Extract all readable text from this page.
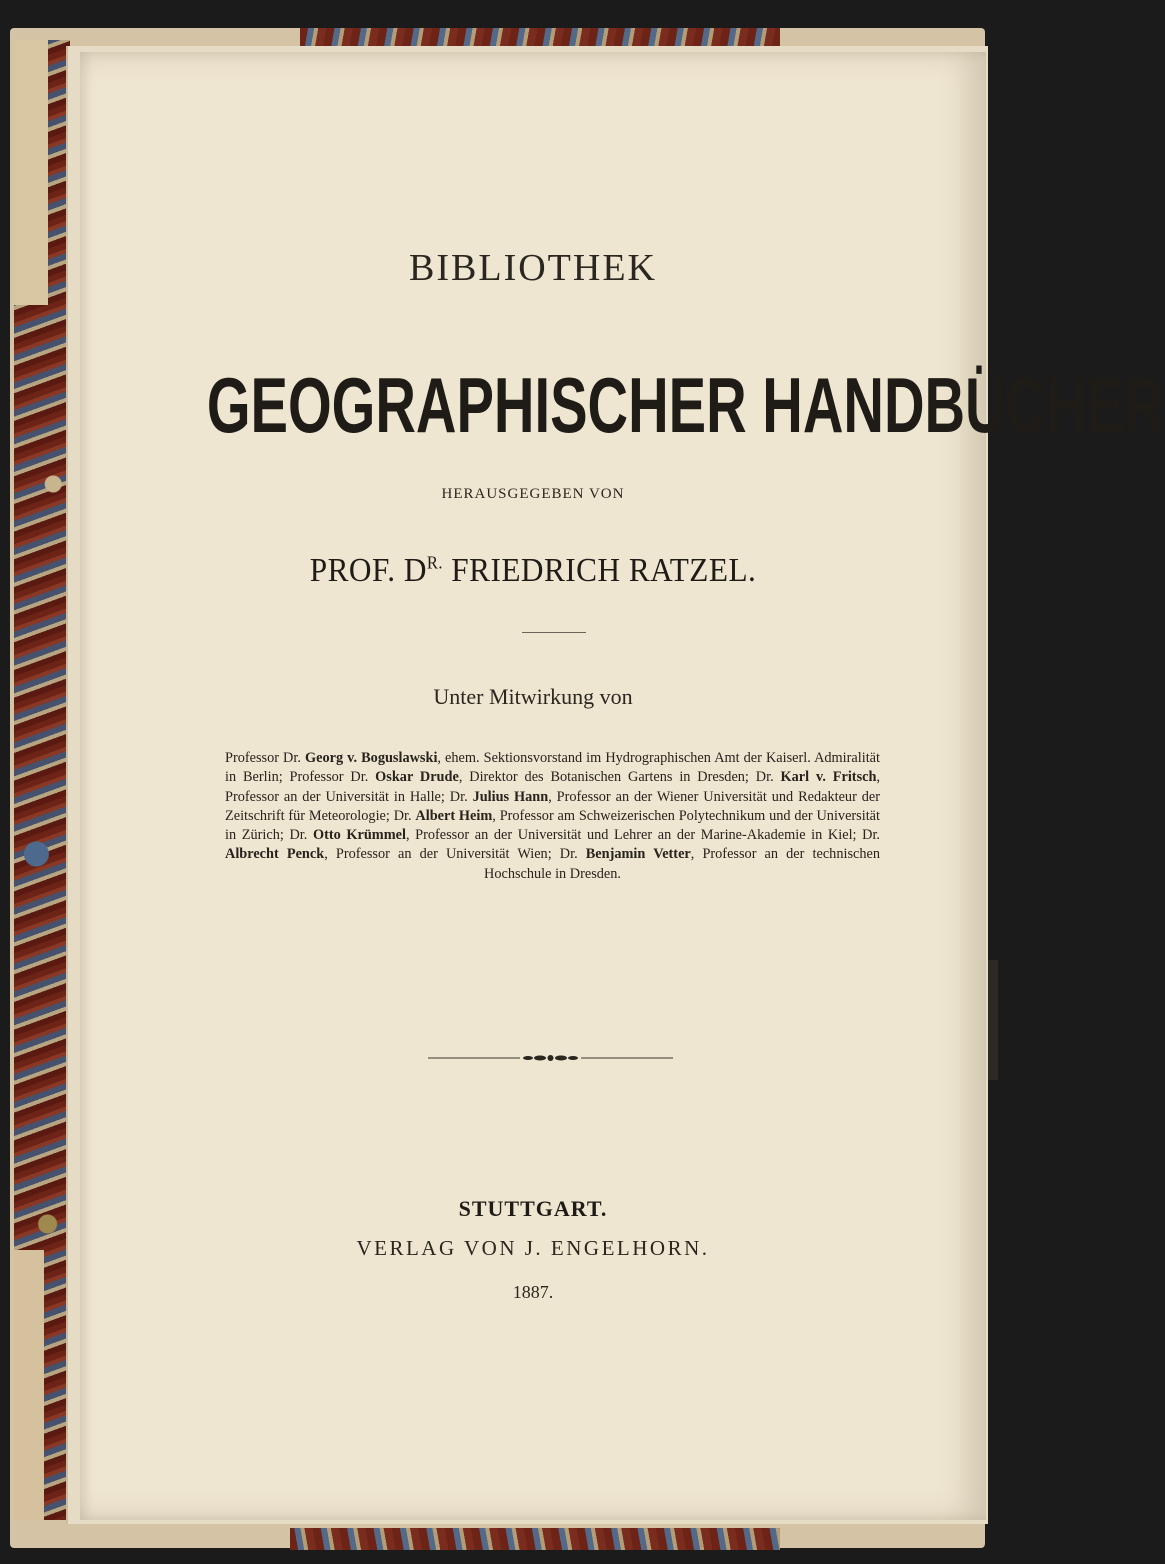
BIBLIOTHEK
GEOGRAPHISCHER HANDBÜCHER
HERAUSGEGEBEN VON
PROF. $D^{R.}$ FRIEDRICH RATZEL.
Unter Mitwirkung von
Professor Dr. Georg v. Boguslawski, ehem. Sektionsvorstand im Hydrographischen Amt der Kaiserl. Admiralität in Berlin; Professor Dr. Oskar Drude, Direktor des Botanischen Gartens in Dresden; Dr. Karl v. Fritsch, Professor an der Universität in Halle; Dr. Julius Hann, Professor an der Wiener Universität und Redakteur der Zeitschrift für Meteorologie; Dr. Albert Heim, Professor am Schweizerischen Polytechnikum und der Universität in Zürich; Dr. Otto Krümmel, Professor an der Universität und Lehrer an der Marine-Akademie in Kiel; Dr. Albrecht Penck, Professor an der Universität Wien; Dr. Benjamin Vetter, Professor an der technischen Hochschule in Dresden.
STUTTGART.
VERLAG VON J. ENGELHORN.
1887.
